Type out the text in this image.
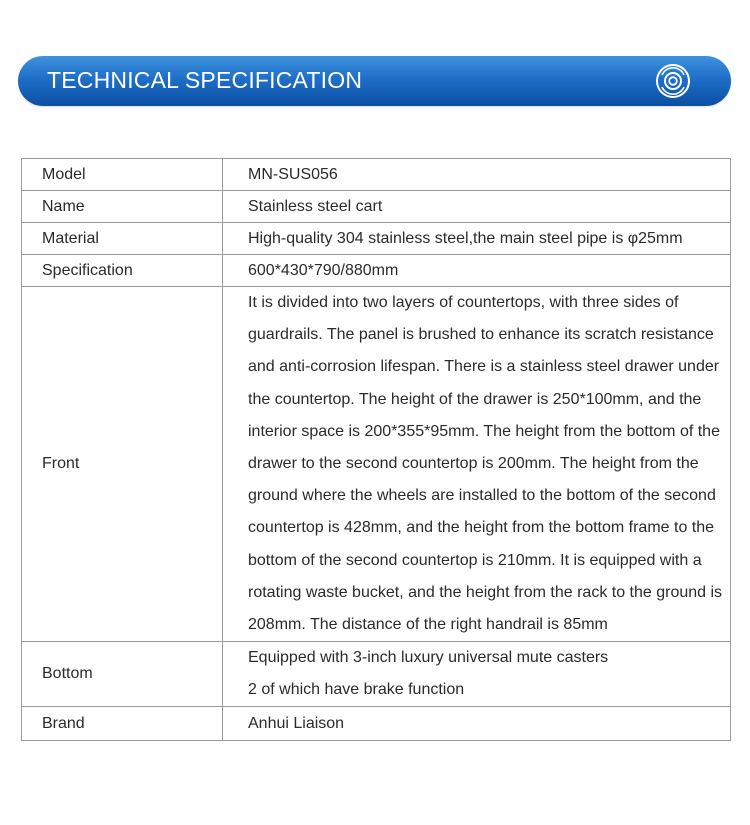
TECHNICAL SPECIFICATION
Model	MN-SUS056
Name	Stainless steel cart
Material	High-quality 304 stainless steel,the main steel pipe is φ25mm
Specification	600*430*790/880mm
Front	It is divided into two layers of countertops, with three sides of guardrails. The panel is brushed to enhance its scratch resistance and anti-corrosion lifespan. There is a stainless steel drawer under the countertop. The height of the drawer is 250*100mm, and the interior space is 200*355*95mm. The height from the bottom of the drawer to the second countertop is 200mm. The height from the ground where the wheels are installed to the bottom of the second countertop is 428mm, and the height from the bottom frame to the bottom of the second countertop is 210mm. It is equipped with a rotating waste bucket, and the height from the rack to the ground is 208mm. The distance of the right handrail is 85mm
Bottom	Equipped with 3-inch luxury universal mute casters
2 of which have brake function

Brand	Anhui Liaison
